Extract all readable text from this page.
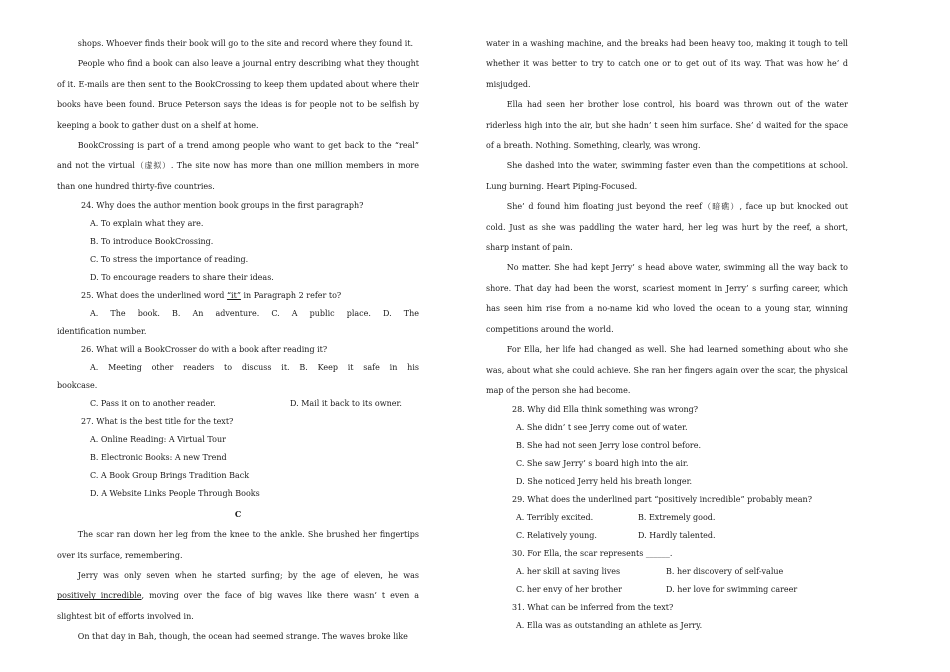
shops. Whoever finds their book will go to the site and record where they found it.

People who find a book can also leave a journal entry describing what they thought of it. E-mails are then sent to the BookCrossing to keep them updated about where their books have been found. Bruce Peterson says the ideas is for people not to be selfish by keeping a book to gather dust on a shelf at home.

BookCrossing is part of a trend among people who want to get back to the “real” and not the virtual（虚拟）. The site now has more than one million members in more than one hundred thirty-five countries.

24. Why does the author mention book groups in the first paragraph?

A. To explain what they are.

B. To introduce BookCrossing.

C. To stress the importance of reading.

D. To encourage readers to share their ideas.

25. What does the underlined word “it” in Paragraph 2 refer to?

A. The book. B. An adventure. C. A public place. D. The

identification number.

26. What will a BookCrosser do with a book after reading it?

A. Meeting other readers to discuss it. B. Keep it safe in his

bookcase.

C. Pass it on to another reader.	D. Mail it back to its owner.

27. What is the best title for the text?

A. Online Reading: A Virtual Tour

B. Electronic Books: A new Trend

C. A Book Group Brings Tradition Back

D. A Website Links People Through Books

C

The scar ran down her leg from the knee to the ankle. She brushed her fingertips over its surface, remembering.

Jerry was only seven when he started surfing; by the age of eleven, he was positively incredible, moving over the face of big waves like there wasn’ t even a slightest bit of efforts involved in.

On that day in Bah, though, the ocean had seemed strange. The waves broke like

water in a washing machine, and the breaks had been heavy too, making it tough to tell whether it was better to try to catch one or to get out of its way. That was how he’ d misjudged.

Ella had seen her brother lose control, his board was thrown out of the water riderless high into the air, but she hadn’ t seen him surface. She’ d waited for the space of a breath. Nothing. Something, clearly, was wrong.

She dashed into the water, swimming faster even than the competitions at school. Lung burning. Heart Piping-Focused.

She’ d found him floating just beyond the reef（暗礁）, face up but knocked out cold. Just as she was paddling the water hard, her leg was hurt by the reef, a short, sharp instant of pain.

No matter. She had kept Jerry’ s head above water, swimming all the way back to shore. That day had been the worst, scariest moment in Jerry’ s surfing career, which has seen him rise from a no-name kid who loved the ocean to a young star, winning competitions around the world.

For Ella, her life had changed as well. She had learned something about who she was, about what she could achieve. She ran her fingers again over the scar, the physical map of the person she had become.

28. Why did Ella think something was wrong?

A. She didn’ t see Jerry come out of water.

B. She had not seen Jerry lose control before.

C. She saw Jerry’ s board high into the air.

D. She noticed Jerry held his breath longer.

29. What does the underlined part “positively incredible” probably mean?

A. Terribly excited.	B. Extremely good.
C. Relatively young.	D. Hardly talented.

30. For Ella, the scar represents ______.

A. her skill at saving lives	B. her discovery of self-value
C. her envy of her brother	D. her love for swimming career

31. What can be inferred from the text?

A. Ella was as outstanding an athlete as Jerry.
